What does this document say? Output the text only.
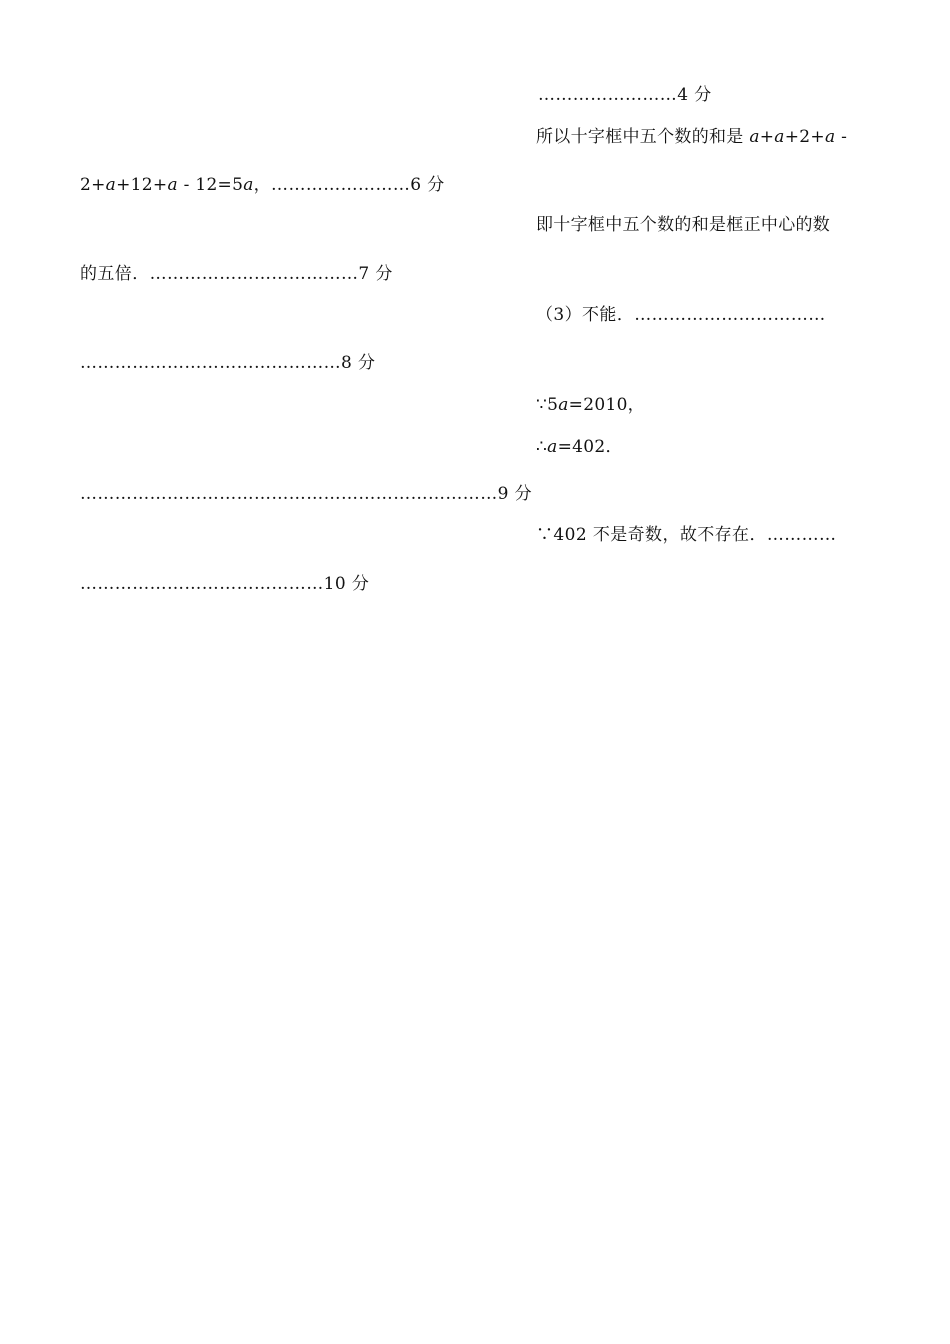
……………………4 分
所以十字框中五个数的和是 a+a+2+a -
2+a+12+a - 12=5a，……………………6 分
即十字框中五个数的和是框正中心的数
的五倍．………………………………7 分
（3）不能．……………………………
………………………………………8 分
∵5a=2010，
∴a=402．
………………………………………………………………9 分
∵402 不是奇数，故不存在．…………
……………………………………10 分
